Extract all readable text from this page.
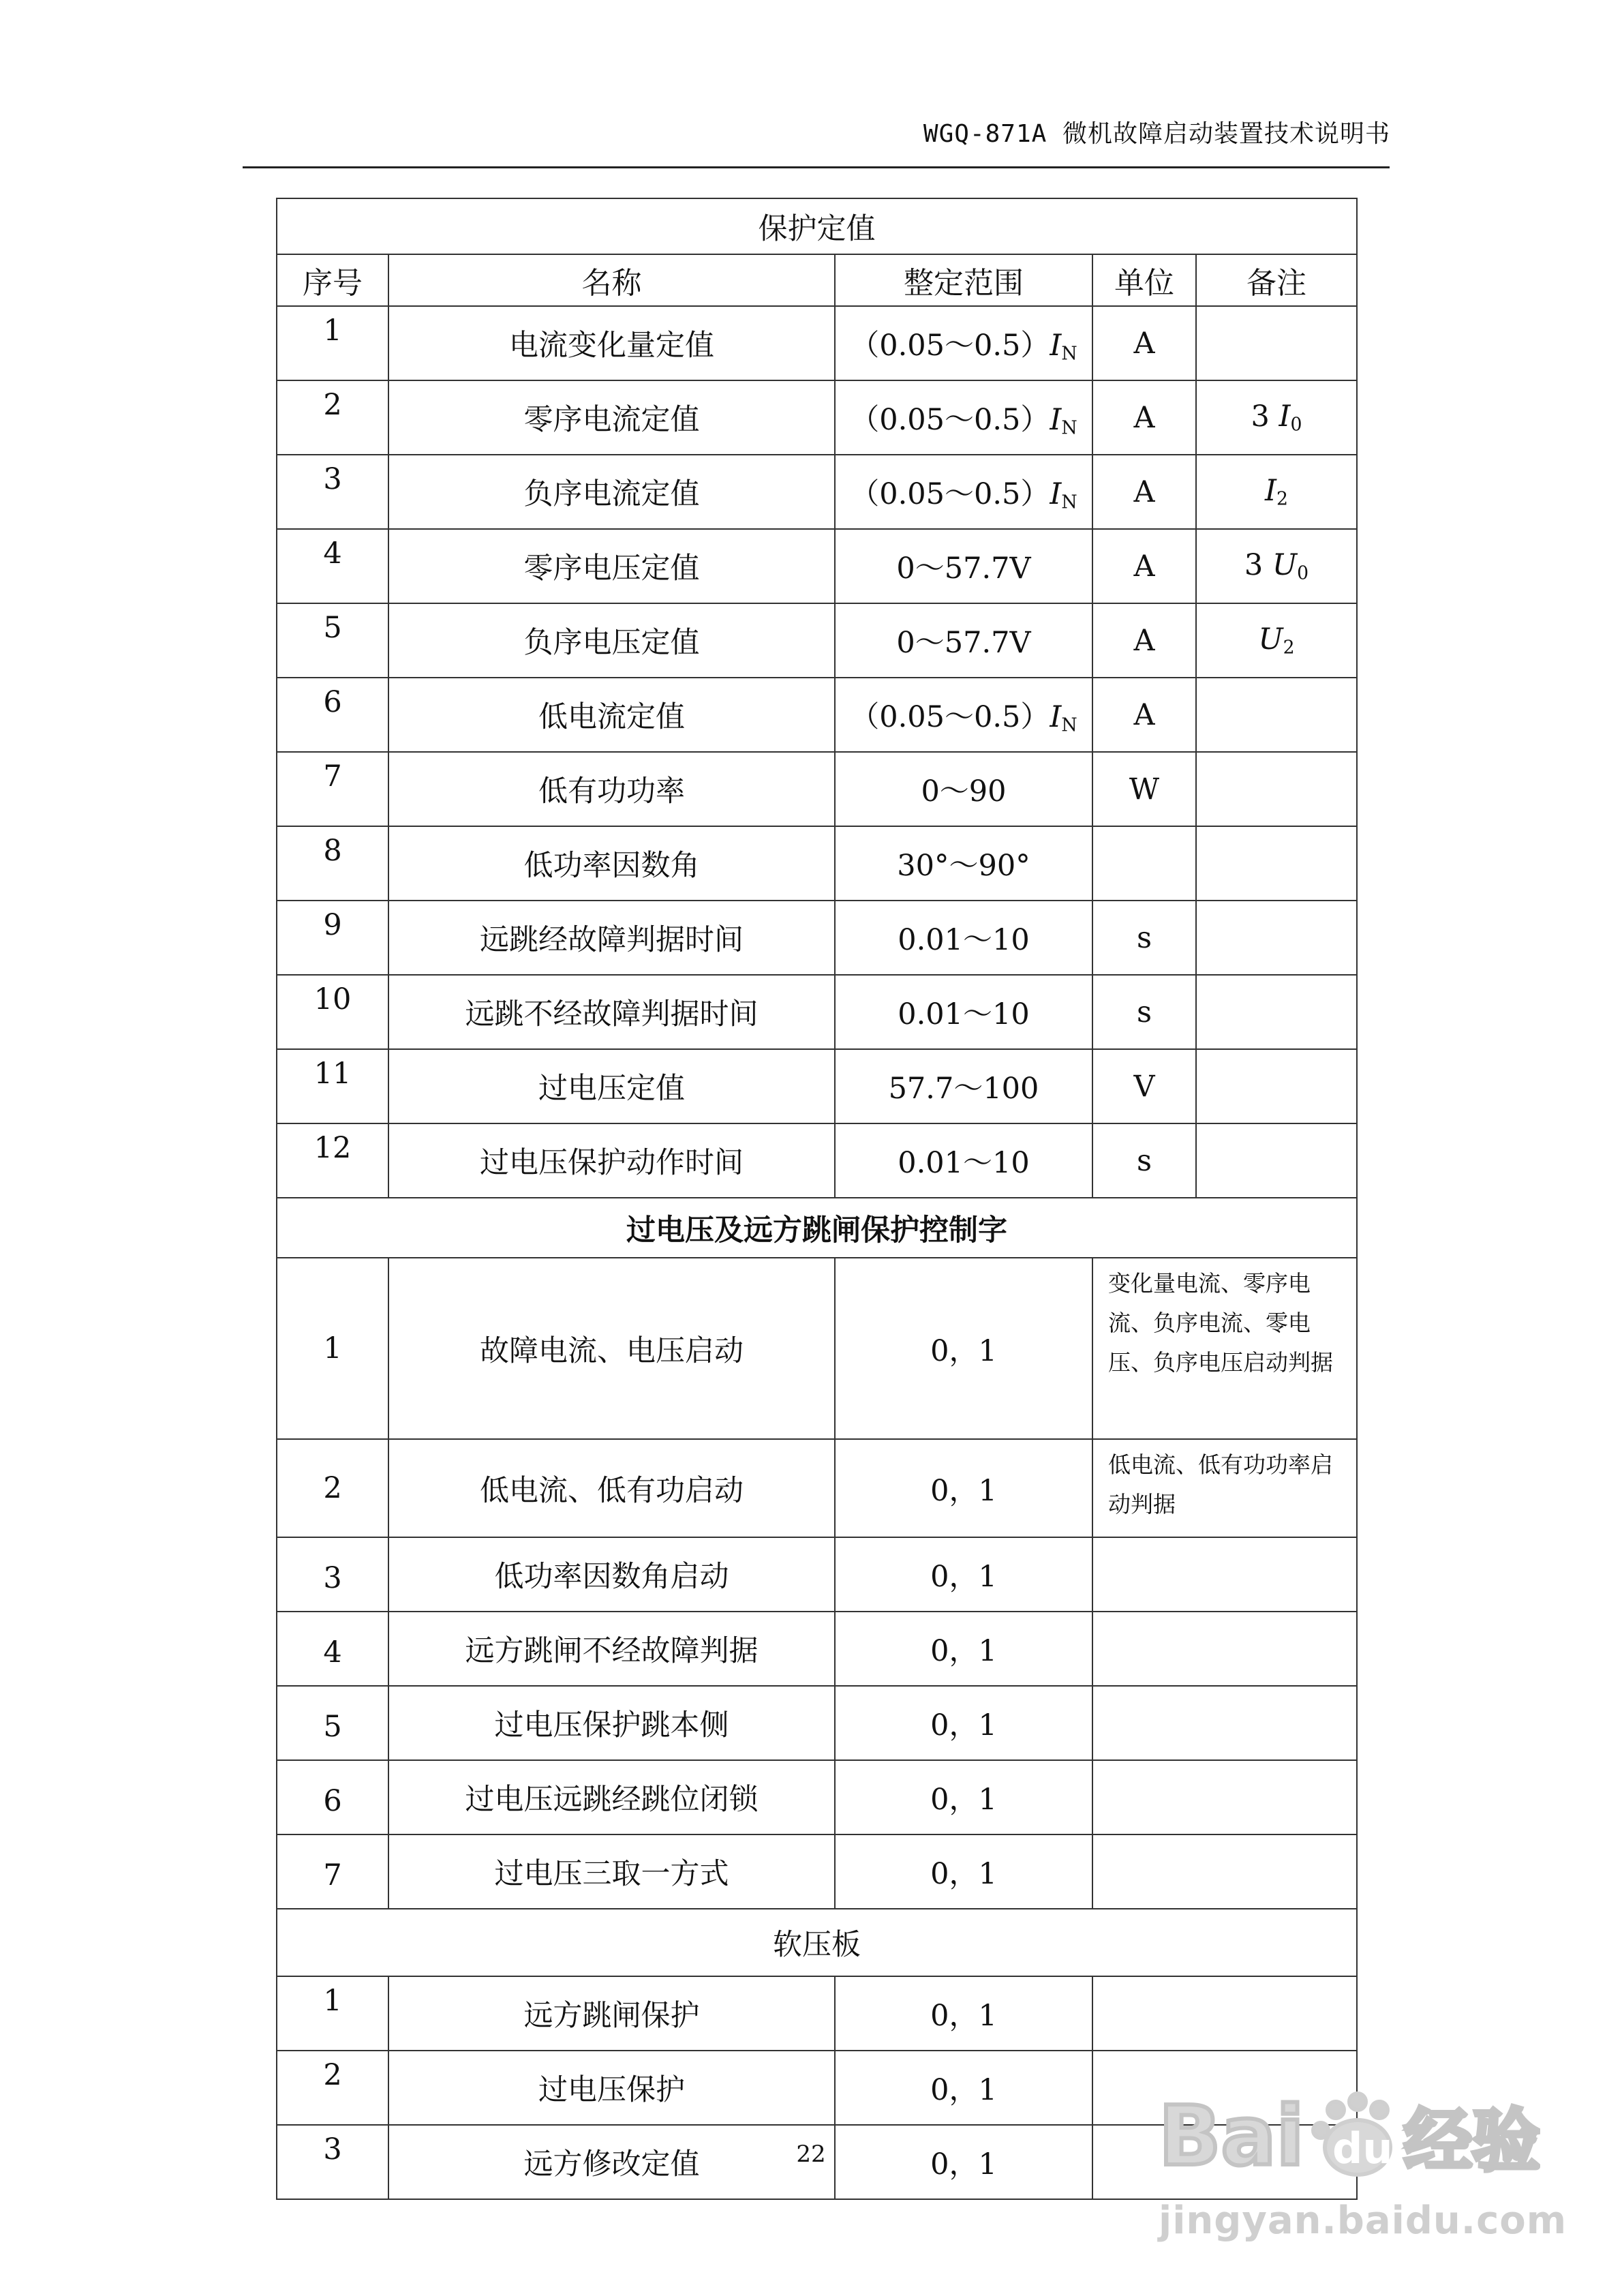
WGQ-871A 微机故障启动装置技术说明书
保护定值				
序号	名称	整定范围	单位	备注
1	电流变化量定值	$(0.05\sim 0.5)I_N$	A	
2	零序电流定值	$(0.05\sim 0.5)I_N$	A	3 $I_0$
3	负序电流定值	$(0.05\sim 0.5)I_N$	A	$I_2$
4	零序电压定值	0～57.7V	A	3 $U_0$
5	负序电压定值	0～57.7V	A	$U_2$
6	低电流定值	$(0.05\sim 0.5)I_N$	A	
7	低有功功率	0～90	W	
8	低功率因数角	30°～90°		
9	远跳经故障判据时间	0.01～10	s	
10	远跳不经故障判据时间	0.01～10	s	
11	过电压定值	57.7～100	V	
12	过电压保护动作时间	0.01～10	s	
过电压及远方跳闸保护控制字				
1	故障电流、电压启动	0，1	变化量电流、零序电流、负序电流、零电压、负序电压启动判据	
2	低电流、低有功启动	0，1	低电流、低有功功率启动判据	
3	低功率因数角启动	0，1		
4	远方跳闸不经故障判据	0，1		
5	过电压保护跳本侧	0，1		
6	过电压远跳经跳位闭锁	0，1		
7	过电压三取一方式	0，1		
软压板				
1	远方跳闸保护	0，1		
2	过电压保护	0，1		
3	远方修改定值	0，1		
22	Bai du 经验
jingyan.baidu.com
